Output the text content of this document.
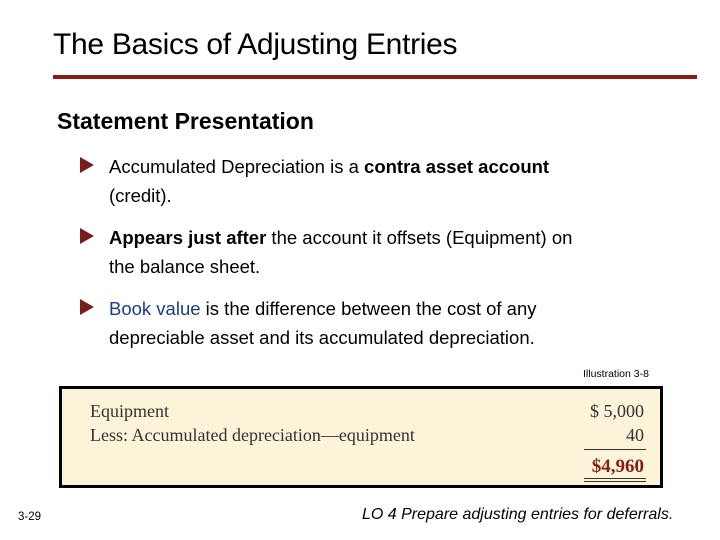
The Basics of Adjusting Entries
Statement Presentation
Accumulated Depreciation is a contra asset account
(credit).
Appears just after the account it offsets (Equipment) on
the balance sheet.
Book value is the difference between the cost of any
depreciable asset and its accumulated depreciation.
Illustration 3-8
Equipment
Less: Accumulated depreciation—equipment
$ 5,000
40
$4,960
3-29	LO 4 Prepare adjusting entries for deferrals.
